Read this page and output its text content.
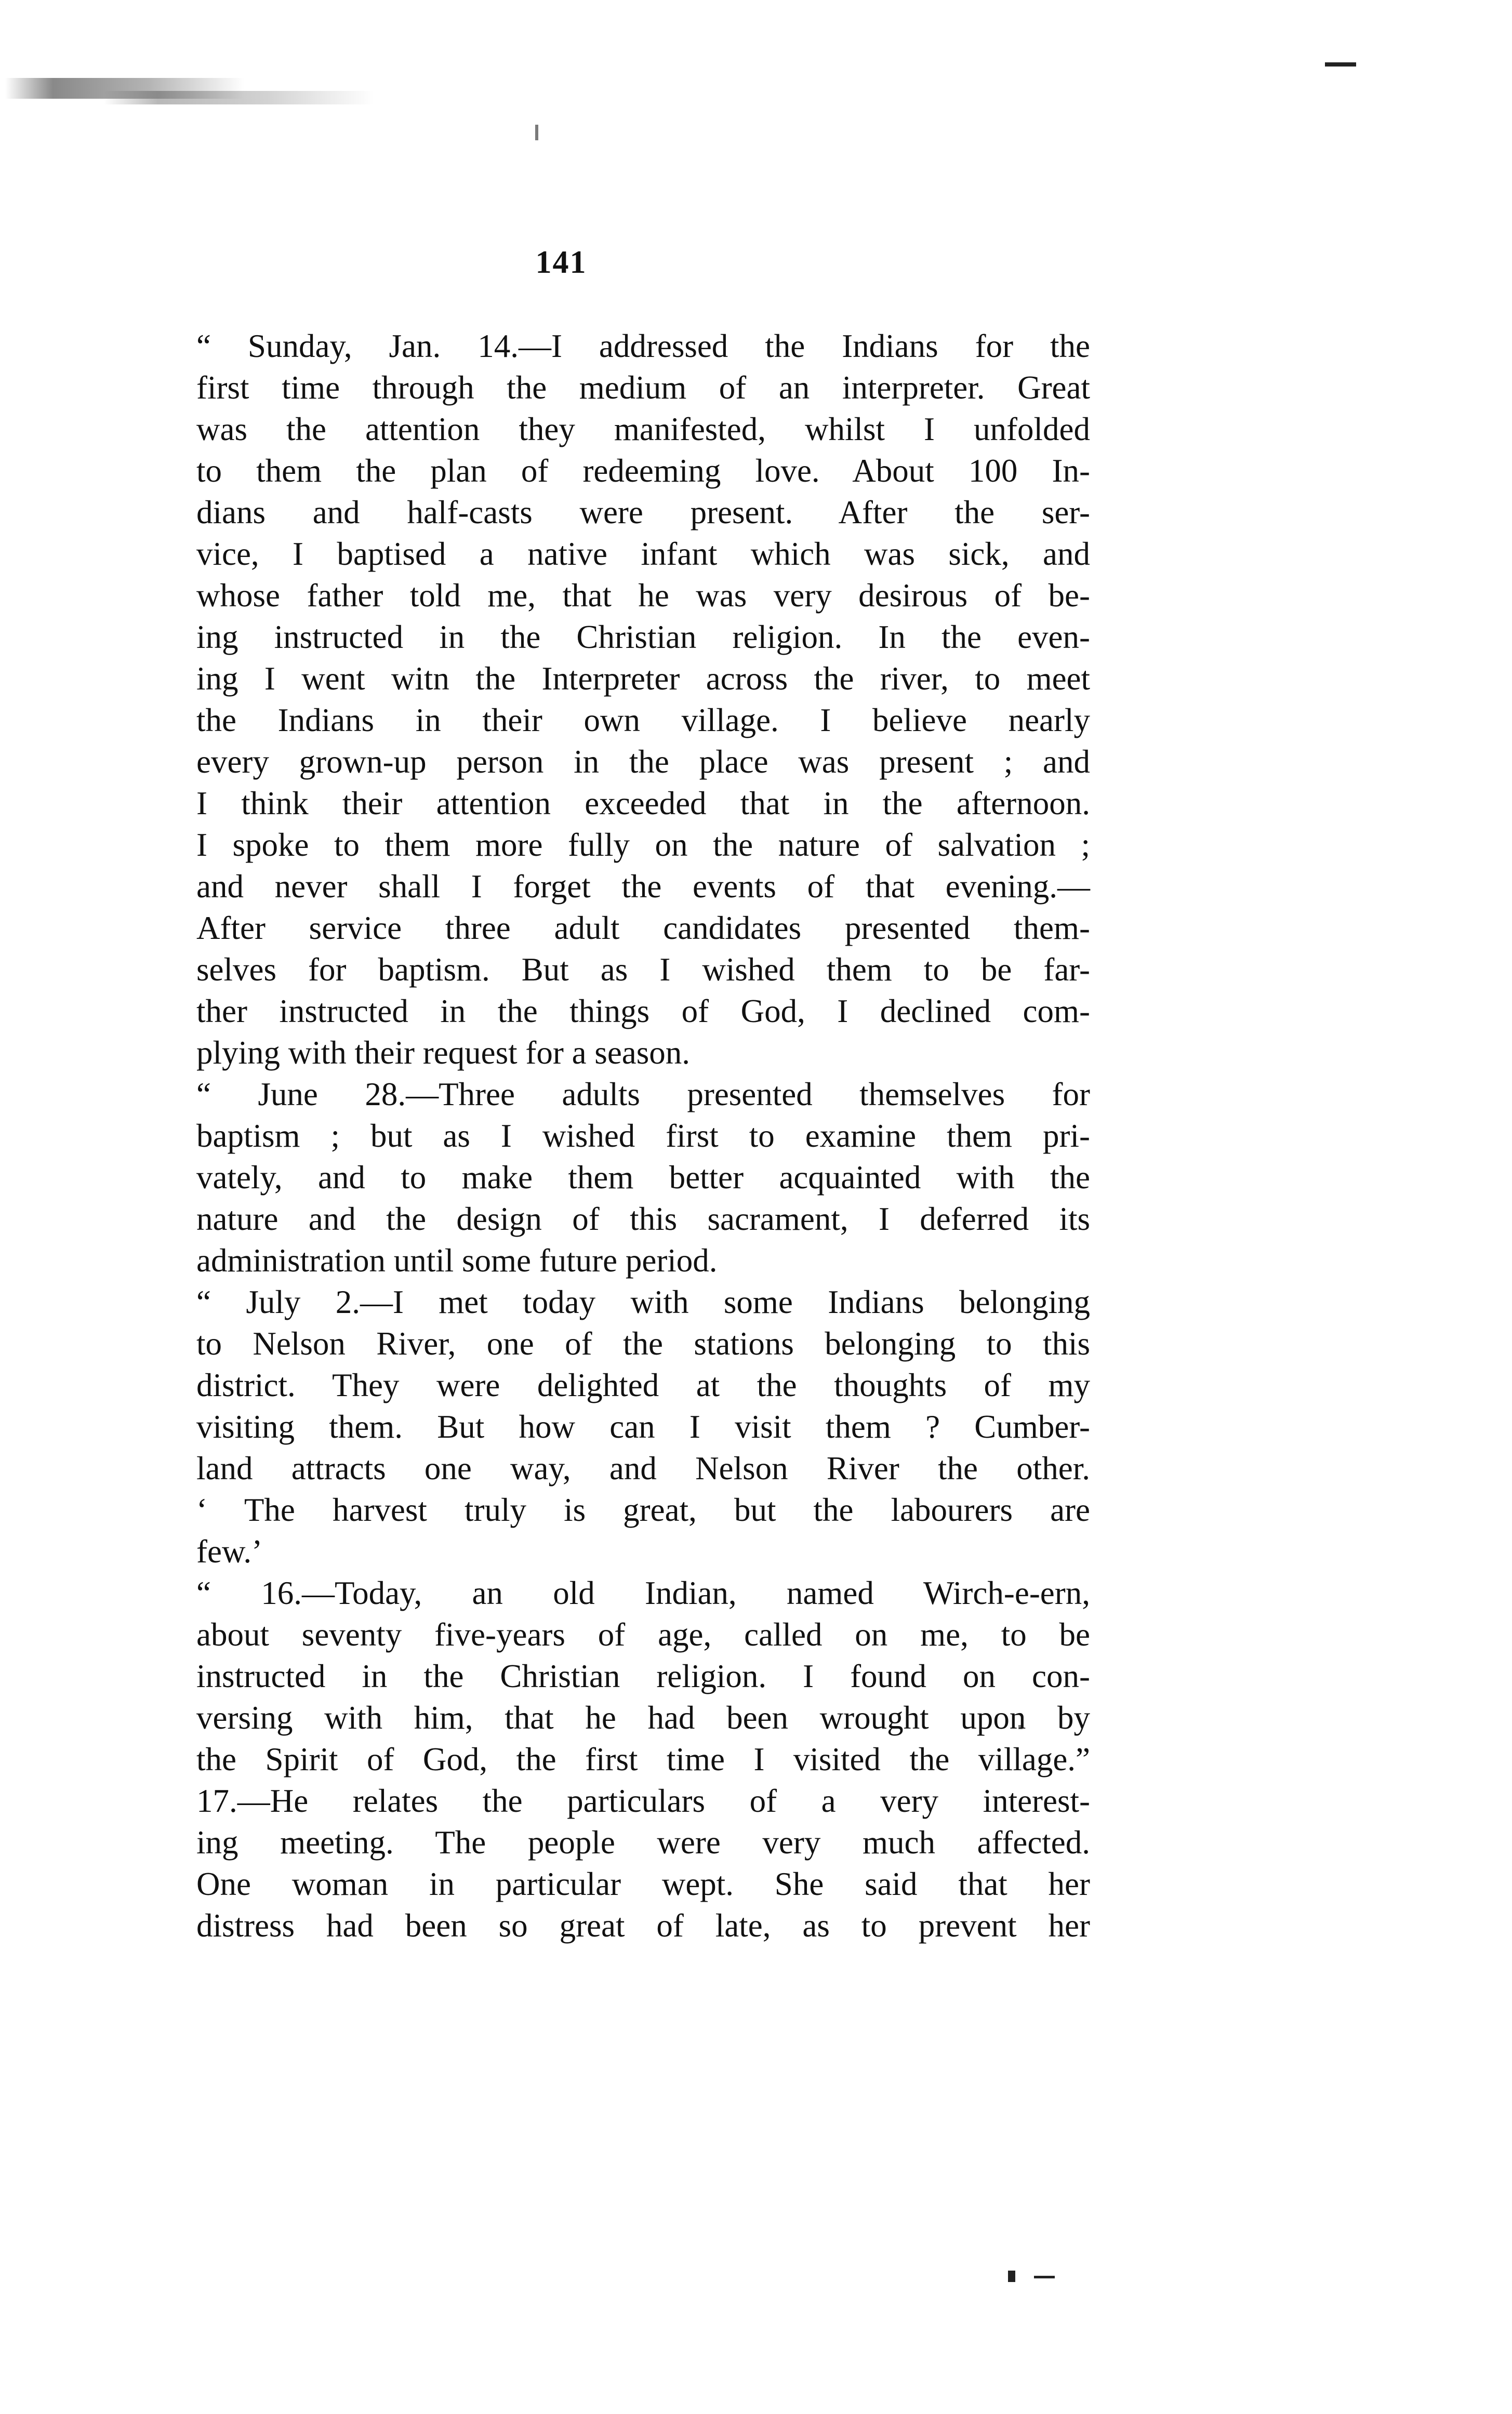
141
“ Sunday, Jan. 14.—I addressed the Indians for the
first time through the medium of an interpreter. Great
was the attention they manifested, whilst I unfolded
to them the plan of redeeming love. About 100 In-
dians and half-casts were present. After the ser-
vice, I baptised a native infant which was sick, and
whose father told me, that he was very desirous of be-
ing instructed in the Christian religion. In the even-
ing I went witn the Interpreter across the river, to meet
the Indians in their own village. I believe nearly
every grown-up person in the place was present ; and
I think their attention exceeded that in the afternoon.
I spoke to them more fully on the nature of salvation ;
and never shall I forget the events of that evening.—
After service three adult candidates presented them-
selves for baptism. But as I wished them to be far-
ther instructed in the things of God, I declined com-
plying with their request for a season.
“ June 28.—Three adults presented themselves for
baptism ; but as I wished first to examine them pri-
vately, and to make them better acquainted with the
nature and the design of this sacrament, I deferred its
administration until some future period.
“ July 2.—I met today with some Indians belonging
to Nelson River, one of the stations belonging to this
district. They were delighted at the thoughts of my
visiting them. But how can I visit them ? Cumber-
land attracts one way, and Nelson River the other.
‘ The harvest truly is great, but the labourers are
few.’
“ 16.—Today, an old Indian, named Wirch-e-ern,
about seventy five-years of age, called on me, to be
instructed in the Christian religion. I found on con-
versing with him, that he had been wrought upon by
the Spirit of God, the first time I visited the village.”
17.—He relates the particulars of a very interest-
ing meeting. The people were very much affected.
One woman in particular wept. She said that her
distress had been so great of late, as to prevent her
